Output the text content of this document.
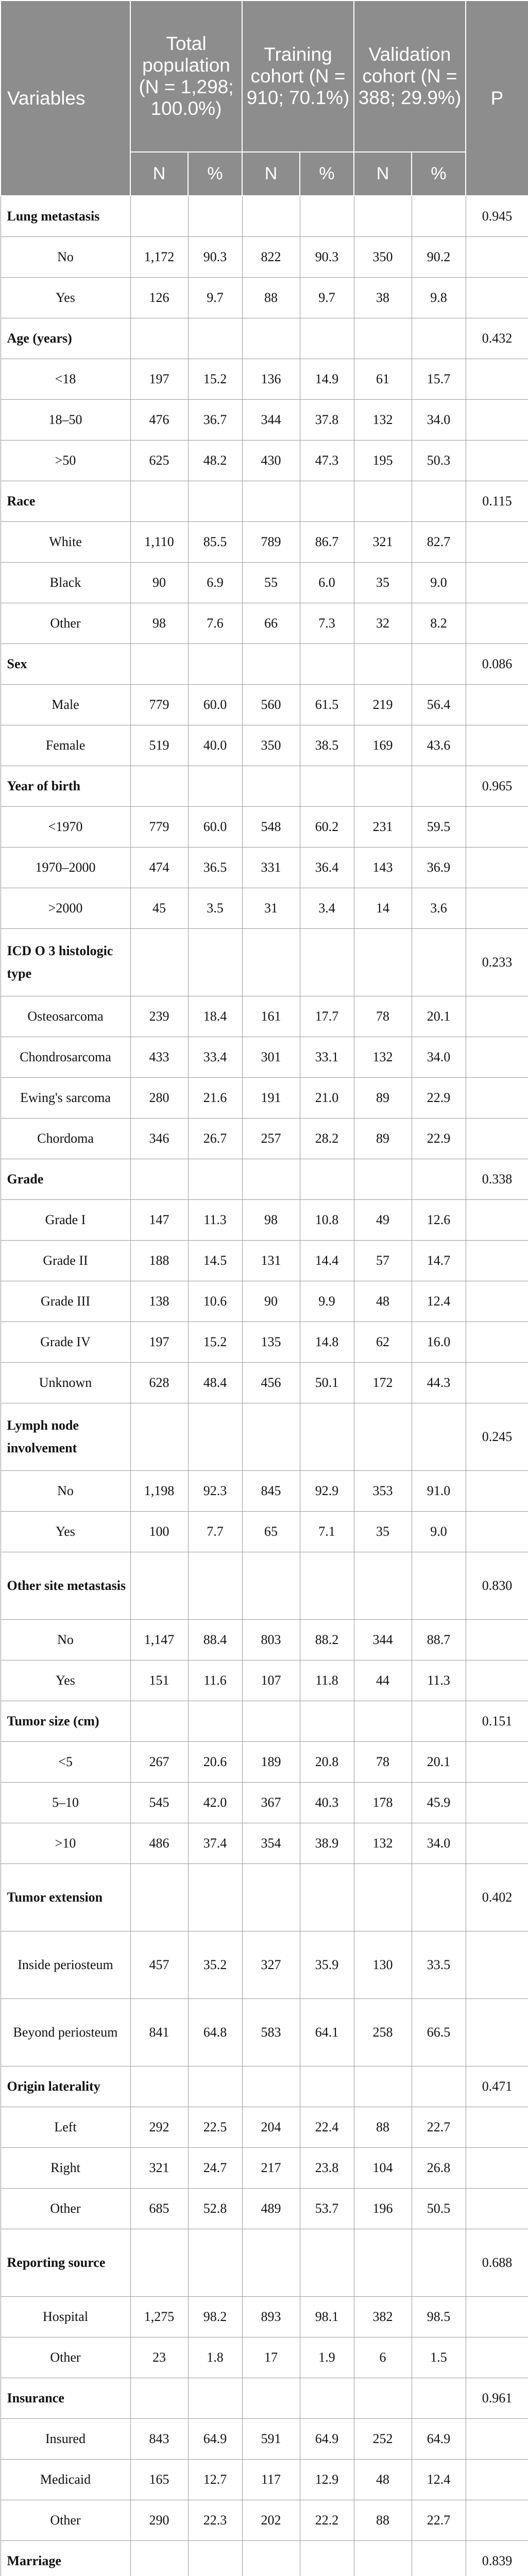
Variables	Total population (N = 1,298; 100.0%)		Training cohort (N = 910; 70.1%)		Validation cohort (N = 388; 29.9%)		P
	N	%	N	%	N	%	
Lung metastasis							0.945
No	1,172	90.3	822	90.3	350	90.2	
Yes	126	9.7	88	9.7	38	9.8	
Age (years)							0.432
<18	197	15.2	136	14.9	61	15.7	
18–50	476	36.7	344	37.8	132	34.0	
>50	625	48.2	430	47.3	195	50.3	
Race							0.115
White	1,110	85.5	789	86.7	321	82.7	
Black	90	6.9	55	6.0	35	9.0	
Other	98	7.6	66	7.3	32	8.2	
Sex							0.086
Male	779	60.0	560	61.5	219	56.4	
Female	519	40.0	350	38.5	169	43.6	
Year of birth							0.965
<1970	779	60.0	548	60.2	231	59.5	
1970–2000	474	36.5	331	36.4	143	36.9	
>2000	45	3.5	31	3.4	14	3.6	
ICD O 3 histologic type							0.233
Osteosarcoma	239	18.4	161	17.7	78	20.1	
Chondrosarcoma	433	33.4	301	33.1	132	34.0	
Ewing's sarcoma	280	21.6	191	21.0	89	22.9	
Chordoma	346	26.7	257	28.2	89	22.9	
Grade							0.338
Grade I	147	11.3	98	10.8	49	12.6	
Grade II	188	14.5	131	14.4	57	14.7	
Grade III	138	10.6	90	9.9	48	12.4	
Grade IV	197	15.2	135	14.8	62	16.0	
Unknown	628	48.4	456	50.1	172	44.3	
Lymph node involvement							0.245
No	1,198	92.3	845	92.9	353	91.0	
Yes	100	7.7	65	7.1	35	9.0	
Other site metastasis							0.830
No	1,147	88.4	803	88.2	344	88.7	
Yes	151	11.6	107	11.8	44	11.3	
Tumor size (cm)							0.151
<5	267	20.6	189	20.8	78	20.1	
5–10	545	42.0	367	40.3	178	45.9	
>10	486	37.4	354	38.9	132	34.0	
Tumor extension							0.402
Inside periosteum	457	35.2	327	35.9	130	33.5	
Beyond periosteum	841	64.8	583	64.1	258	66.5	
Origin laterality							0.471
Left	292	22.5	204	22.4	88	22.7	
Right	321	24.7	217	23.8	104	26.8	
Other	685	52.8	489	53.7	196	50.5	
Reporting source							0.688
Hospital	1,275	98.2	893	98.1	382	98.5	
Other	23	1.8	17	1.9	6	1.5	
Insurance							0.961
Insured	843	64.9	591	64.9	252	64.9	
Medicaid	165	12.7	117	12.9	48	12.4	
Other	290	22.3	202	22.2	88	22.7	
Marriage							0.839
